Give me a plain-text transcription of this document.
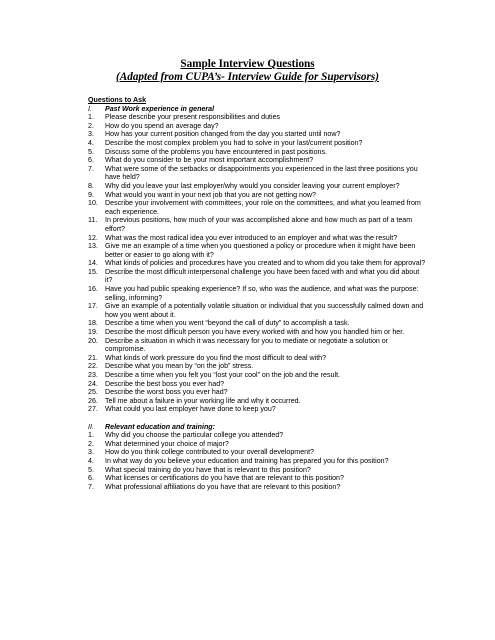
Sample Interview Questions
(Adapted from CUPA’s- Interview Guide for Supervisors)
Questions to Ask
I.	Past Work experience in general
1.	Please describe your present responsibilities and duties
2.	How do you spend an average day?
3.	How has your current position changed from the day you started until now?
4.	Describe the most complex problem you had to solve in your last/current position?
5.	Discuss some of the problems you have encountered in past positions.
6.	What do you consider to be your most important accomplishment?
7.	What were some of the setbacks or disappointments you experienced in the last three positions you have held?
8.	Why did you leave your last employer/why would you consider leaving your current employer?
9.	What would you want in your next job that you are not getting now?
10.	Describe your involvement with committees, your role on the committees, and what you learned from each experience.
11.	In previous positions, how much of your was accomplished alone and how much as part of a team effort?
12.	What was the most radical idea you ever introduced to an employer and what was the result?
13.	Give me an example of a time when you questioned a policy or procedure when it might have been better or easier to go along with it?
14.	What kinds of policies and procedures have you created and to whom did you take them for approval?
15.	Describe the most difficult interpersonal challenge you have been faced with and what you did about it?
16.	Have you had public speaking experience? If so, who was the audience, and what was the purpose: selling, informing?
17.	Give an example of a potentially volatile situation or individual that you successfully calmed down and how you went about it.
18.	Describe a time when you went “beyond the call of duty” to accomplish a task.
19.	Describe the most difficult person you have every worked with and how you handled him or her.
20.	Describe a situation in which it was necessary for you to mediate or negotiate a solution or compromise.
21.	What kinds of work pressure do you find the most difficult to deal with?
22.	Describe what you mean by “on the job” stress.
23.	Describe a time when you felt you “lost your cool” on the job and the result.
24.	Describe the best boss you ever had?
25.	Describe the worst boss you ever had?
26.	Tell me about a failure in your working life and why it occurred.
27.	What could you last employer have done to keep you?
II.	Relevant education and training:
1.	Why did you choose the particular college you attended?
2.	What determined your choice of major?
3.	How do you think college contributed to your overall development?
4.	In what way do you believe your education and training has prepared you for this position?
5.	What special training do you have that is relevant to this position?
6.	What licenses or certifications do you have that are relevant to this position?
7.	What professional affiliations do you have that are relevant to this position?
